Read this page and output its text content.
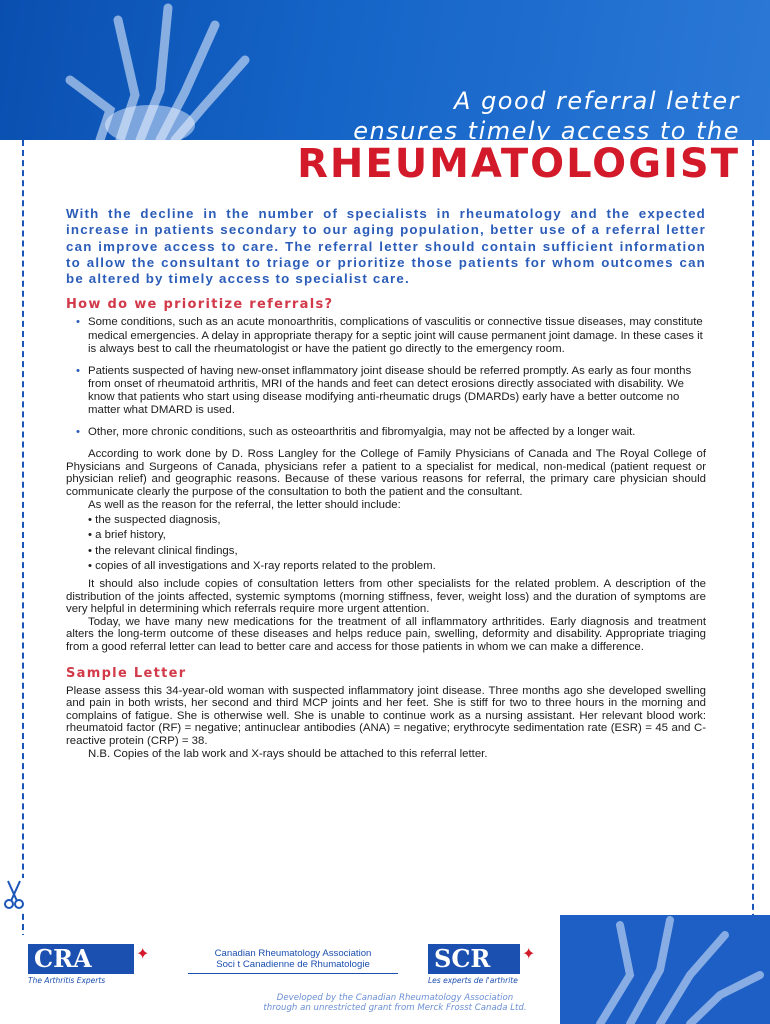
A good referral letter

ensures timely access to the

RHEUMATOLOGIST

With the decline in the number of specialists in rheumatology and the expected increase in patients secondary to our aging population, better use of a referral letter can improve access to care. The referral letter should contain sufficient information to allow the consultant to triage or prioritize those patients for whom outcomes can be altered by timely access to specialist care.

How do we prioritize referrals?
• Some conditions, such as an acute monoarthritis, complications of vasculitis or connective tissue diseases, may constitute medical emergencies. A delay in appropriate therapy for a septic joint will cause permanent joint damage. In these cases it is always best to call the rheumatologist or have the patient go directly to the emergency room.
• Patients suspected of having new-onset inflammatory joint disease should be referred promptly. As early as four months from onset of rheumatoid arthritis, MRI of the hands and feet can detect erosions directly associated with disability. We know that patients who start using disease modifying anti-rheumatic drugs (DMARDs) early have a better outcome no matter what DMARD is used.
• Other, more chronic conditions, such as osteoarthritis and fibromyalgia, may not be affected by a longer wait.

According to work done by D. Ross Langley for the College of Family Physicians of Canada and The Royal College of Physicians and Surgeons of Canada, physicians refer a patient to a specialist for medical, non-medical (patient request or physician relief) and geographic reasons. Because of these various reasons for referral, the primary care physician should communicate clearly the purpose of the consultation to both the patient and the consultant.

As well as the reason for the referral, the letter should include:

• the suspected diagnosis,
• a brief history,
• the relevant clinical findings,
• copies of all investigations and X-ray reports related to the problem.

It should also include copies of consultation letters from other specialists for the related problem. A description of the distribution of the joints affected, systemic symptoms (morning stiffness, fever, weight loss) and the duration of symptoms are very helpful in determining which referrals require more urgent attention.

Today, we have many new medications for the treatment of all inflammatory arthritides. Early diagnosis and treatment alters the long-term outcome of these diseases and helps reduce pain, swelling, deformity and disability. Appropriate triaging from a good referral letter can lead to better care and access for those patients in whom we can make a difference.

Sample Letter

Please assess this 34-year-old woman with suspected inflammatory joint disease. Three months ago she developed swelling and pain in both wrists, her second and third MCP joints and her feet. She is stiff for two to three hours in the morning and complains of fatigue. She is otherwise well. She is unable to continue work as a nursing assistant. Her relevant blood work: rheumatoid factor (RF) = negative; antinuclear antibodies (ANA) = negative; erythrocyte sedimentation rate (ESR) = 45 and C-reactive protein (CRP) = 38.

N.B. Copies of the lab work and X-rays should be attached to this referral letter.

CRA	✦
The Arthritis Experts
Canadian Rheumatology Association
Soci t Canadienne de Rhumatologie	SCR ✦
Les experts de l'arthrite
Developed by the Canadian Rheumatology Association
through an unrestricted grant from Merck Frosst Canada Ltd.
